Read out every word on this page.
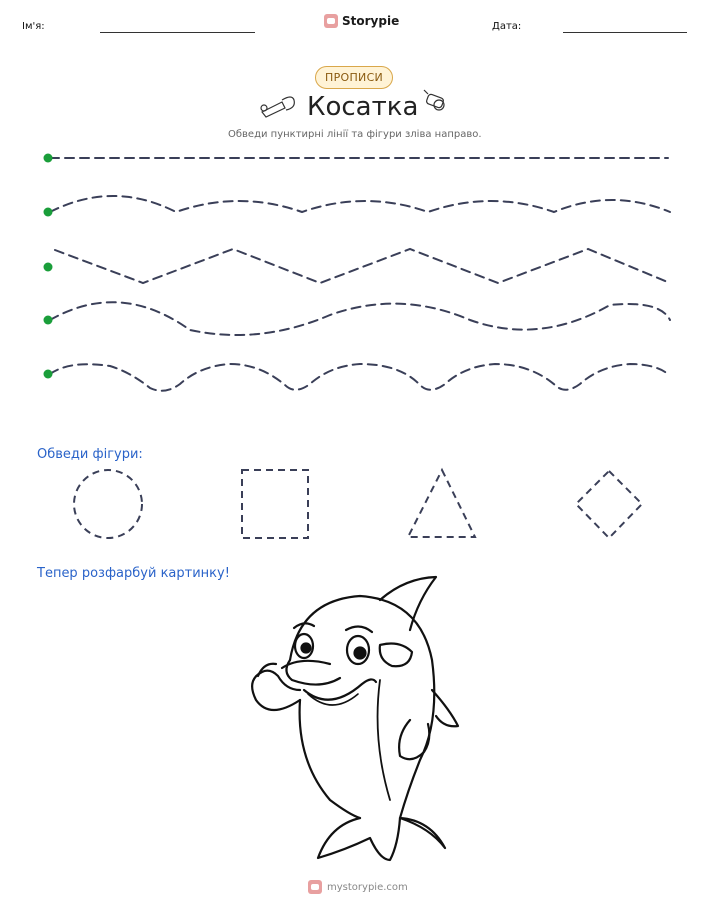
Ім'я:	Storypie	Дата:
ПРОПИСИ
Косатка
Обведи пунктирні лінії та фігури зліва направо.
Обведи фігури:
Тепер розфарбуй картинку!
mystorypie.com
